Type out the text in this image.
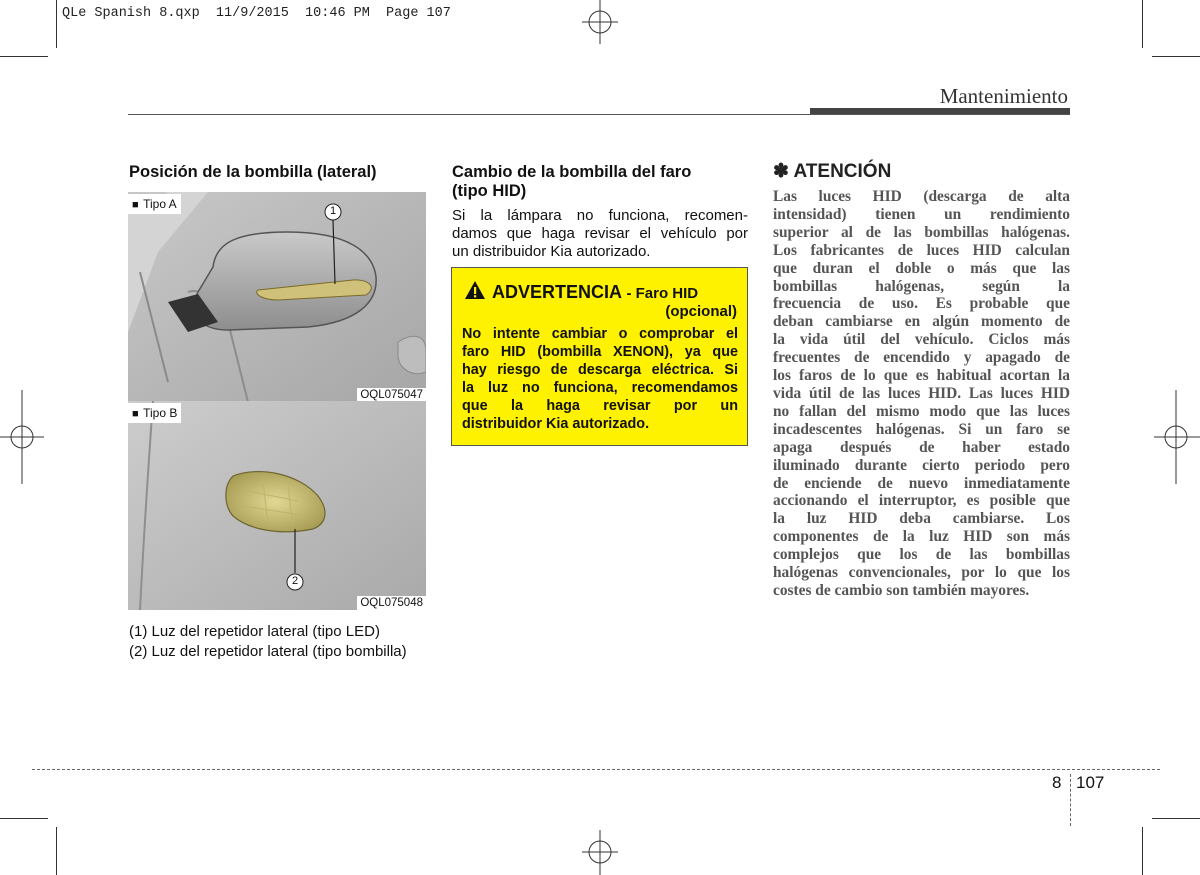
QLe Spanish 8.qxp  11/9/2015  10:46 PM  Page 107
Mantenimiento
Posición de la bombilla (lateral)
■ Tipo A	1
OQL075047
■ Tipo B
2
OQL075048
(1) Luz del repetidor lateral (tipo LED)
(2) Luz del repetidor lateral (tipo bombilla)
Cambio de la bombilla del faro
(tipo HID)
Si la lámpara no funciona, recomen-
damos que haga revisar el vehículo por
un distribuidor Kia autorizado.
ADVERTENCIA - Faro HID
(opcional)
No intente cambiar o comprobar el
faro HID (bombilla XENON), ya que
hay riesgo de descarga eléctrica. Si
la luz no funciona, recomendamos
que la haga revisar por un
distribuidor Kia autorizado.
✽ ATENCIÓN
Las luces HID (descarga de alta
intensidad) tienen un rendimiento
superior al de las bombillas halógenas.
Los fabricantes de luces HID calculan
que duran el doble o más que las
bombillas halógenas, según la
frecuencia de uso. Es probable que
deban cambiarse en algún momento de
la vida útil del vehículo. Ciclos más
frecuentes de encendido y apagado de
los faros de lo que es habitual acortan la
vida útil de las luces HID. Las luces HID
no fallan del mismo modo que las luces
incadescentes halógenas. Si un faro se
apaga después de haber estado
iluminado durante cierto periodo pero
de enciende de nuevo inmediatamente
accionando el interruptor, es posible que
la luz HID deba cambiarse. Los
componentes de la luz HID son más
complejos que los de las bombillas
halógenas convencionales, por lo que los
costes de cambio son también mayores.
8 107
